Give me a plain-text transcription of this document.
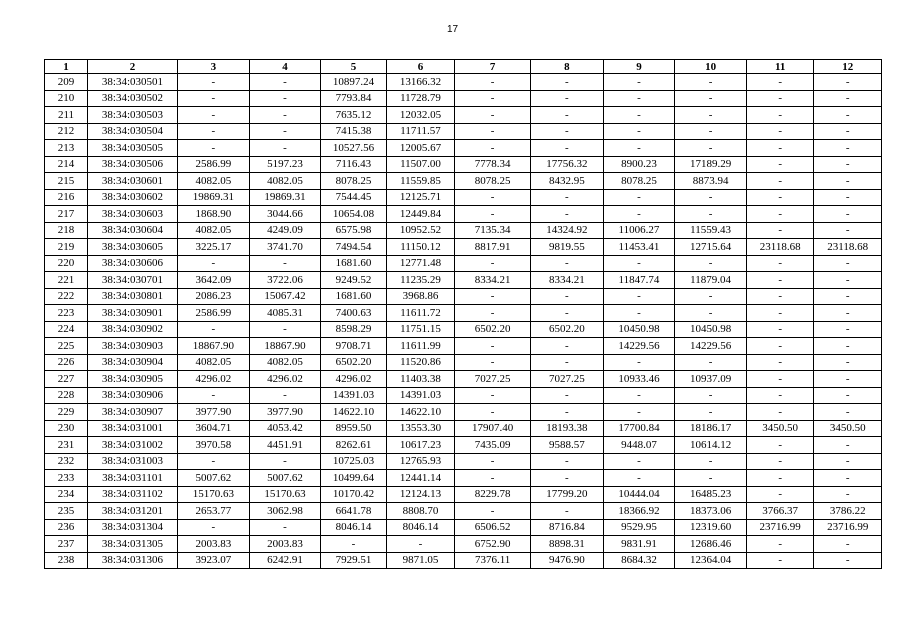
17
1	2	3	4	5	6	7	8	9	10	11	12
209	38:34:030501	-	-	10897.24	13166.32	-	-	-	-	-	-
210	38:34:030502	-	-	7793.84	11728.79	-	-	-	-	-	-
211	38:34:030503	-	-	7635.12	12032.05	-	-	-	-	-	-
212	38:34:030504	-	-	7415.38	11711.57	-	-	-	-	-	-
213	38:34:030505	-	-	10527.56	12005.67	-	-	-	-	-	-
214	38:34:030506	2586.99	5197.23	7116.43	11507.00	7778.34	17756.32	8900.23	17189.29	-	-
215	38:34:030601	4082.05	4082.05	8078.25	11559.85	8078.25	8432.95	8078.25	8873.94	-	-
216	38:34:030602	19869.31	19869.31	7544.45	12125.71	-	-	-	-	-	-
217	38:34:030603	1868.90	3044.66	10654.08	12449.84	-	-	-	-	-	-
218	38:34:030604	4082.05	4249.09	6575.98	10952.52	7135.34	14324.92	11006.27	11559.43	-	-
219	38:34:030605	3225.17	3741.70	7494.54	11150.12	8817.91	9819.55	11453.41	12715.64	23118.68	23118.68
220	38:34:030606	-	-	1681.60	12771.48	-	-	-	-	-	-
221	38:34:030701	3642.09	3722.06	9249.52	11235.29	8334.21	8334.21	11847.74	11879.04	-	-
222	38:34:030801	2086.23	15067.42	1681.60	3968.86	-	-	-	-	-	-
223	38:34:030901	2586.99	4085.31	7400.63	11611.72	-	-	-	-	-	-
224	38:34:030902	-	-	8598.29	11751.15	6502.20	6502.20	10450.98	10450.98	-	-
225	38:34:030903	18867.90	18867.90	9708.71	11611.99	-	-	14229.56	14229.56	-	-
226	38:34:030904	4082.05	4082.05	6502.20	11520.86	-	-	-	-	-	-
227	38:34:030905	4296.02	4296.02	4296.02	11403.38	7027.25	7027.25	10933.46	10937.09	-	-
228	38:34:030906	-	-	14391.03	14391.03	-	-	-	-	-	-
229	38:34:030907	3977.90	3977.90	14622.10	14622.10	-	-	-	-	-	-
230	38:34:031001	3604.71	4053.42	8959.50	13553.30	17907.40	18193.38	17700.84	18186.17	3450.50	3450.50
231	38:34:031002	3970.58	4451.91	8262.61	10617.23	7435.09	9588.57	9448.07	10614.12	-	-
232	38:34:031003	-	-	10725.03	12765.93	-	-	-	-	-	-
233	38:34:031101	5007.62	5007.62	10499.64	12441.14	-	-	-	-	-	-
234	38:34:031102	15170.63	15170.63	10170.42	12124.13	8229.78	17799.20	10444.04	16485.23	-	-
235	38:34:031201	2653.77	3062.98	6641.78	8808.70	-	-	18366.92	18373.06	3766.37	3786.22
236	38:34:031304	-	-	8046.14	8046.14	6506.52	8716.84	9529.95	12319.60	23716.99	23716.99
237	38:34:031305	2003.83	2003.83	-	-	6752.90	8898.31	9831.91	12686.46	-	-
238	38:34:031306	3923.07	6242.91	7929.51	9871.05	7376.11	9476.90	8684.32	12364.04	-	-
